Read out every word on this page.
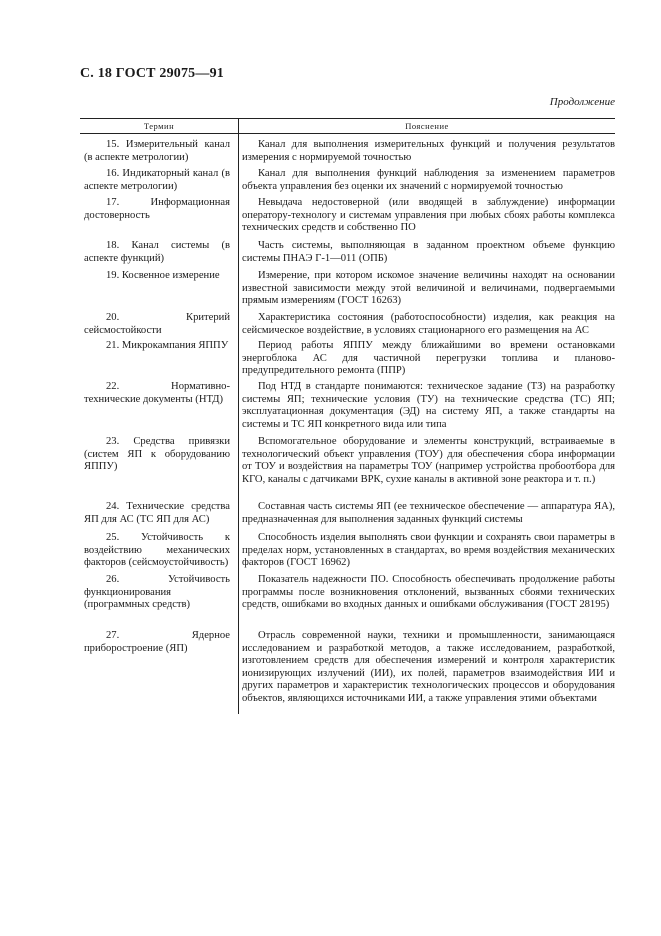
С. 18 ГОСТ 29075—91
Продолжение
Термин	Пояснение
15. Измерительный канал (в аспекте метрологии)
Канал для выполнения измерительных функций и получения результатов измерения с нормируемой точностью
16. Индикаторный канал (в аспекте метрологии)
Канал для выполнения функций наблюдения за изменением параметров объекта управления без оценки их значений с нормируемой точностью
17. Информационная достоверность
Невыдача недостоверной (или вводящей в заблуждение) информации оператору-технологу и системам управления при любых сбоях работы комплекса технических средств и собственно ПО
18. Канал системы (в аспекте функций)
Часть системы, выполняющая в заданном проектном объеме функцию системы ПНАЭ Г-1—011 (ОПБ)
19. Косвенное измерение	Измерение, при котором искомое значение величины находят на основании известной зависимости между этой величиной и величинами, подвергаемыми прямым измерениям (ГОСТ 16263)
20. Критерий сейсмостойкости
Характеристика состояния (работоспособности) изделия, как реакция на сейсмическое воздействие, в условиях стационарного его размещения на АС
21. Микрокампания ЯППУ	Период работы ЯППУ между ближайшими во времени остановками энергоблока АС для частичной перегрузки топлива и планово-предупредительного ремонта (ППР)
22. Нормативно-технические документы (НТД)
Под НТД в стандарте понимаются: техническое задание (ТЗ) на разработку системы ЯП; технические условия (ТУ) на технические средства (ТС) ЯП; эксплуатационная документация (ЭД) на систему ЯП, а также стандарты на системы и ТС ЯП конкретного вида или типа
23. Средства привязки (систем ЯП к оборудованию ЯППУ)
Вспомогательное оборудование и элементы конструкций, встраиваемые в технологический объект управления (ТОУ) для обеспечения сбора информации от ТОУ и воздействия на параметры ТОУ (например устройства пробоотбора для КГО, каналы с датчиками ВРК, сухие каналы в активной зоне реактора и т. п.)
24. Технические средства ЯП для АС (ТС ЯП для АС)
Составная часть системы ЯП (ее техническое обеспечение — аппаратура ЯА), предназначенная для выполнения заданных функций системы
25. Устойчивость к воздействию механических факторов (сейсмоустойчивость)
Способность изделия выполнять свои функции и сохранять свои параметры в пределах норм, установленных в стандартах, во время воздействия механических факторов (ГОСТ 16962)
26. Устойчивость функционирования (программных средств)
Показатель надежности ПО. Способность обеспечивать продолжение работы программы после возникновения отклонений, вызванных сбоями технических средств, ошибками во входных данных и ошибками обслуживания (ГОСТ 28195)
27. Ядерное приборостроение (ЯП)
Отрасль современной науки, техники и промышленности, занимающаяся исследованием и разработкой методов, а также исследованием, разработкой, изготовлением средств для обеспечения измерений и контроля характеристик ионизирующих излучений (ИИ), их полей, параметров взаимодействия ИИ и других параметров и характеристик технологических процессов и оборудования объектов, являющихся источниками ИИ, а также управления этими объектами
